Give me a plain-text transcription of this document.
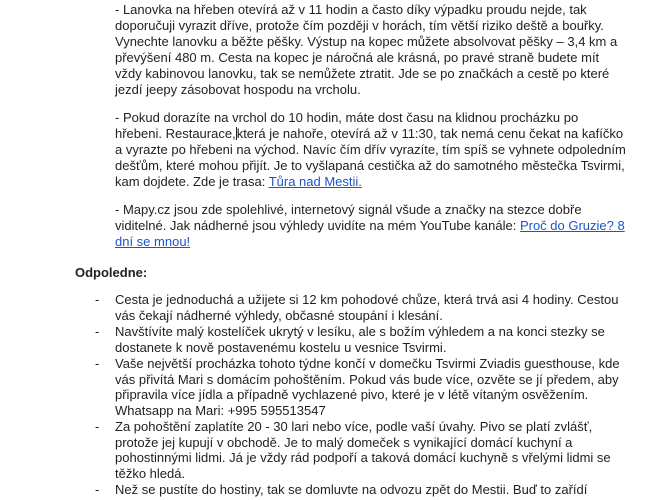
- Lanovka na hřeben otevírá až v 11 hodin a často díky výpadku proudu nejde, tak
doporučuji vyrazit dříve, protože čím později v horách, tím větší riziko deště a bouřky.
Vynechte lanovku a běžte pěšky. Výstup na kopec můžete absolvovat pěšky – 3,4 km a
převýšení 480 m. Cesta na kopec je náročná ale krásná, po pravé straně budete mít
vždy kabinovou lanovku, tak se nemůžete ztratit. Jde se po značkách a cestě po které
jezdí jeepy zásobovat hospodu na vrcholu.
- Pokud dorazíte na vrchol do 10 hodin, máte dost času na klidnou procházku po
hřebeni. Restaurace,která je nahoře, otevírá až v 11:30, tak nemá cenu čekat na kafíčko
a vyrazte po hřebeni na východ. Navíc čím dřív vyrazíte, tím spíš se vyhnete odpoledním
dešťům, které mohou přijít. Je to vyšlapaná cestička až do samotného městečka Tsvirmi,
kam dojdete. Zde je trasa: Tůra nad Mestii.
- Mapy.cz jsou zde spolehlivé, internetový signál všude a značky na stezce dobře
viditelné. Jak nádherné jsou výhledy uvidíte na mém YouTube kanále: Proč do Gruzie? 8
dní se mnou!
Odpoledne:
- Cesta je jednoduchá a užijete si 12 km pohodové chůze, která trvá asi 4 hodiny. Cestou
vás čekají nádherné výhledy, občasné stoupání i klesání.
- Navštívíte malý kostelíček ukrytý v lesíku, ale s božím výhledem a na konci stezky se
dostanete k nově postavenému kostelu u vesnice Tsvirmi.
- Vaše největší procházka tohoto týdne končí v domečku Tsvirmi Zviadis guesthouse, kde
vás přivítá Mari s domácím pohoštěním. Pokud vás bude více, ozvěte se jí předem, aby
připravila více jídla a případně vychlazené pivo, které je v létě vítaným osvěžením.
Whatsapp na Mari: +995 595513547
- Za pohoštění zaplatíte 20 - 30 lari nebo více, podle vaší úvahy. Pivo se platí zvlášť,
protože jej kupují v obchodě. Je to malý domeček s vynikající domácí kuchyní a
pohostinnými lidmi. Já je vždy rád podpoří a taková domácí kuchyně s vřelými lidmi se
těžko hledá.
- Než se pustíte do hostiny, tak se domluvte na odvozu zpět do Mestii. Buď to zařídí
